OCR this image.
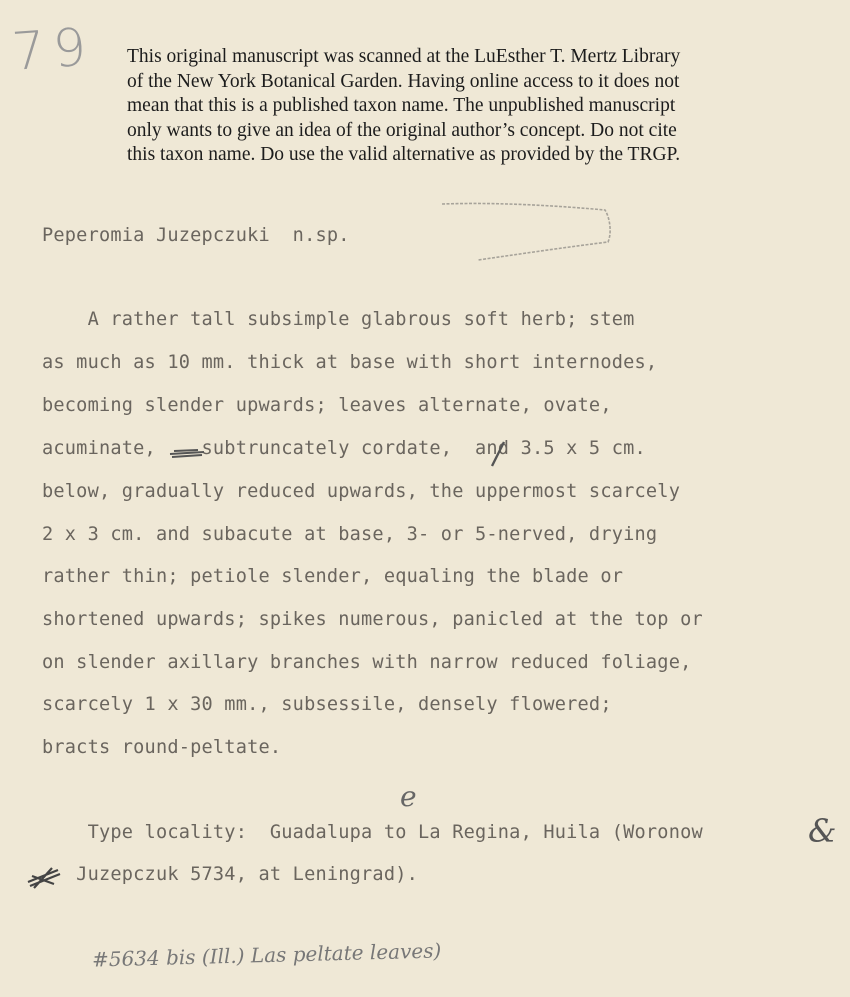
79 This original manuscript was scanned at the LuEsther T. Mertz Library
of the New York Botanical Garden. Having online access to it does not
mean that this is a published taxon name. The unpublished manuscript
only wants to give an idea of the original author’s concept. Do not cite
this taxon name. Do use the valid alternative as provided by the TRGP.
Peperomia Juzepczuki  n.sp.
A rather tall subsimple glabrous soft herb; stem
as much as 10 mm. thick at base with short internodes,
becoming slender upwards; leaves alternate, ovate,
acuminate,    subtruncately cordate,  and 3.5 x 5 cm.
below, gradually reduced upwards, the uppermost scarcely
2 x 3 cm. and subacute at base, 3- or 5-nerved, drying
rather thin; petiole slender, equaling the blade or
shortened upwards; spikes numerous, panicled at the top or
on slender axillary branches with narrow reduced foliage,
scarcely 1 x 30 mm., subsessile, densely flowered;
bracts round-peltate.
e
Type locality:  Guadalupa to La Regina, Huila (Woronow
Juzepczuk 5734, at Leningrad).
&
#5634 bis (Ill.) Las peltate leaves)
